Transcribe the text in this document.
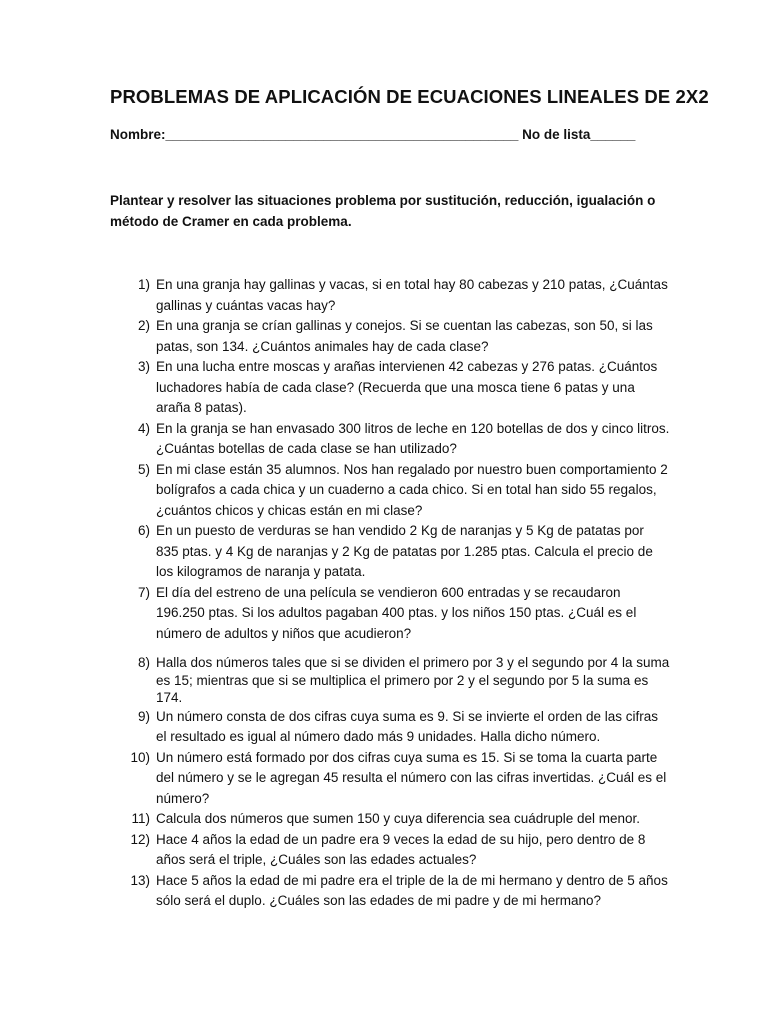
PROBLEMAS DE APLICACIÓN DE ECUACIONES LINEALES DE 2X2
Nombre:_______________________________________________ No de lista______
Plantear y resolver las situaciones problema por sustitución, reducción, igualación o método de Cramer en cada problema.
1) En una granja hay gallinas y vacas, si en total hay 80 cabezas y 210 patas, ¿Cuántas gallinas y cuántas vacas hay?
2) En una granja se crían gallinas y conejos. Si se cuentan las cabezas, son 50, si las patas, son 134. ¿Cuántos animales hay de cada clase?
3) En una lucha entre moscas y arañas intervienen 42 cabezas y 276 patas. ¿Cuántos luchadores había de cada clase? (Recuerda que una mosca tiene 6 patas y una araña 8 patas).
4) En la granja se han envasado 300 litros de leche en 120 botellas de dos y cinco litros. ¿Cuántas botellas de cada clase se han utilizado?
5) En mi clase están 35 alumnos. Nos han regalado por nuestro buen comportamiento 2 bolígrafos a cada chica y un cuaderno a cada chico. Si en total han sido 55 regalos, ¿cuántos chicos y chicas están en mi clase?
6) En un puesto de verduras se han vendido 2 Kg de naranjas y 5 Kg de patatas por 835 ptas. y 4 Kg de naranjas y 2 Kg de patatas por 1.285 ptas. Calcula el precio de los kilogramos de naranja y patata.
7) El día del estreno de una película se vendieron 600 entradas y se recaudaron 196.250 ptas. Si los adultos pagaban 400 ptas. y los niños 150 ptas. ¿Cuál es el número de adultos y niños que acudieron?
8) Halla dos números tales que si se dividen el primero por 3 y el segundo por 4 la suma es 15; mientras que si se multiplica el primero por 2 y el segundo por 5 la suma es 174.
9) Un número consta de dos cifras cuya suma es 9. Si se invierte el orden de las cifras el resultado es igual al número dado más 9 unidades. Halla dicho número.
10) Un número está formado por dos cifras cuya suma es 15. Si se toma la cuarta parte del número y se le agregan 45 resulta el número con las cifras invertidas. ¿Cuál es el número?
11) Calcula dos números que sumen 150 y cuya diferencia sea cuádruple del menor.
12) Hace 4 años la edad de un padre era 9 veces la edad de su hijo, pero dentro de 8 años será el triple, ¿Cuáles son las edades actuales?
13) Hace 5 años la edad de mi padre era el triple de la de mi hermano y dentro de 5 años sólo será el duplo. ¿Cuáles son las edades de mi padre y de mi hermano?
